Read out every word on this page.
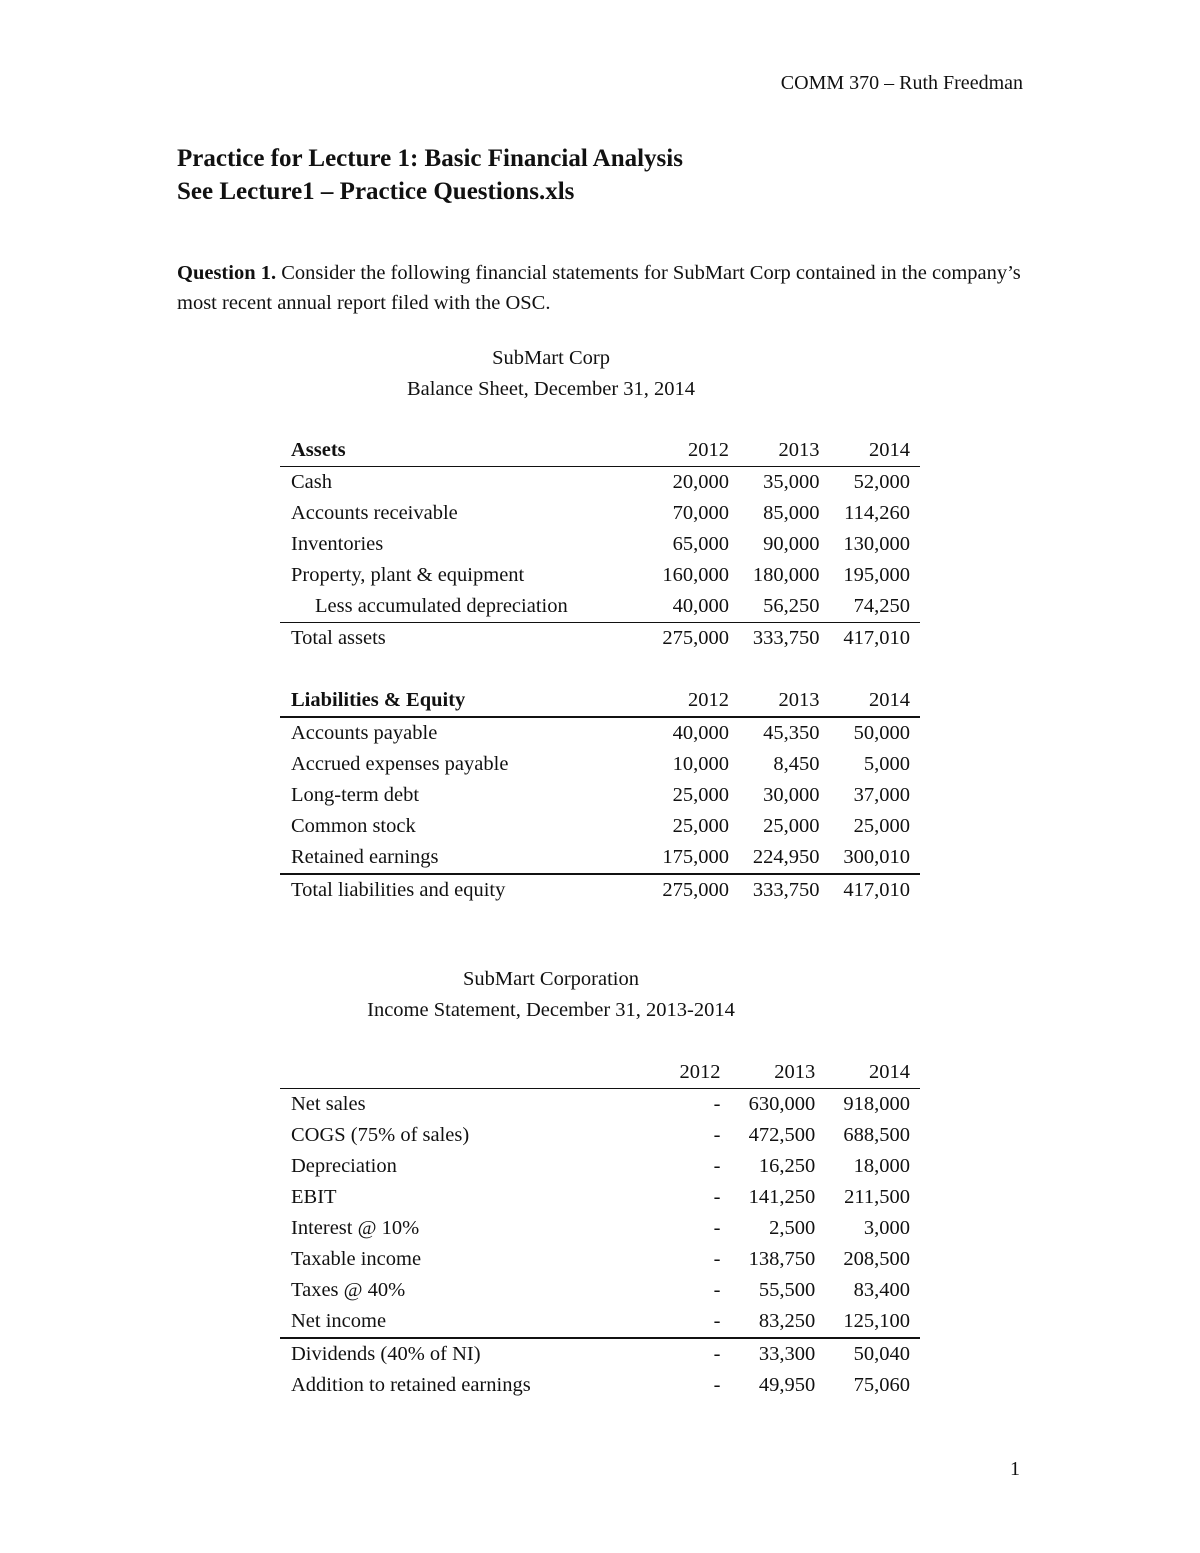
COMM 370 – Ruth Freedman
Practice for Lecture 1: Basic Financial Analysis
See Lecture1 – Practice Questions.xls
Question 1. Consider the following financial statements for SubMart Corp contained in the company’s most recent annual report filed with the OSC.
SubMart Corp
Balance Sheet, December 31, 2014
Assets	2012	2013	2014
Cash	20,000	35,000	52,000
Accounts receivable	70,000	85,000	114,260
Inventories	65,000	90,000	130,000
Property, plant & equipment	160,000	180,000	195,000
Less accumulated depreciation	40,000	56,250	74,250
Total assets	275,000	333,750	417,010

Liabilities & Equity	2012	2013	2014
Accounts payable	40,000	45,350	50,000
Accrued expenses payable	10,000	8,450	5,000
Long-term debt	25,000	30,000	37,000
Common stock	25,000	25,000	25,000
Retained earnings	175,000	224,950	300,010
Total liabilities and equity	275,000	333,750	417,010
SubMart Corporation
Income Statement, December 31, 2013-2014
	2012	2013	2014
Net sales	-	630,000	918,000
COGS (75% of sales)	-	472,500	688,500
Depreciation	-	16,250	18,000
EBIT	-	141,250	211,500
Interest @ 10%	-	2,500	3,000
Taxable income	-	138,750	208,500
Taxes @ 40%	-	55,500	83,400
Net income	-	83,250	125,100
Dividends (40% of NI)	-	33,300	50,040
Addition to retained earnings	-	49,950	75,060
1
